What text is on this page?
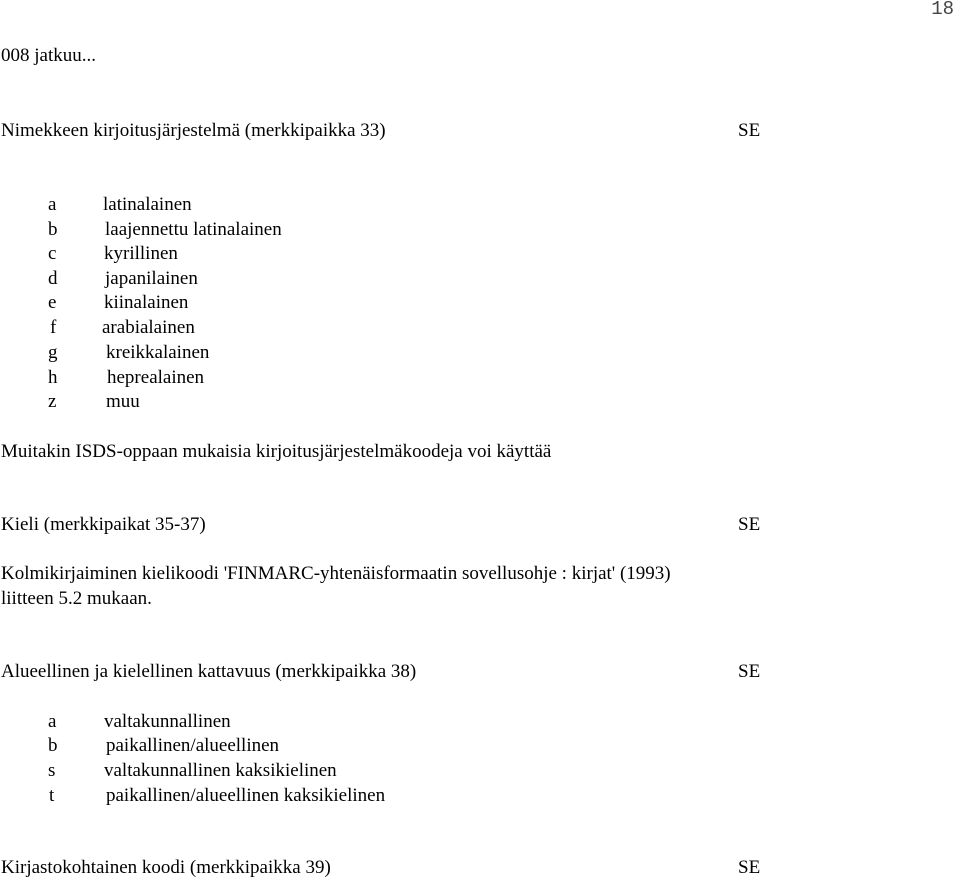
18
008 jatkuu...
Nimekkeen kirjoitusjärjestelmä (merkkipaikka 33)	SE
a latinalainen
b	laajennettu latinalainen
c	kyrillinen
d	japanilainen
e	kiinalainen
f arabialainen
g	kreikkalainen
h	heprealainen
z	muu
Muitakin ISDS-oppaan mukaisia kirjoitusjärjestelmäkoodeja voi käyttää
Kieli (merkkipaikat 35-37)	SE
Kolmikirjaiminen kielikoodi 'FINMARC-yhtenäisformaatin sovellusohje : kirjat' (1993)
liitteen 5.2 mukaan.
Alueellinen ja kielellinen kattavuus (merkkipaikka 38)	SE
a	valtakunnallinen
b	paikallinen/alueellinen
s	valtakunnallinen kaksikielinen
t	paikallinen/alueellinen kaksikielinen
Kirjastokohtainen koodi (merkkipaikka 39)	SE
